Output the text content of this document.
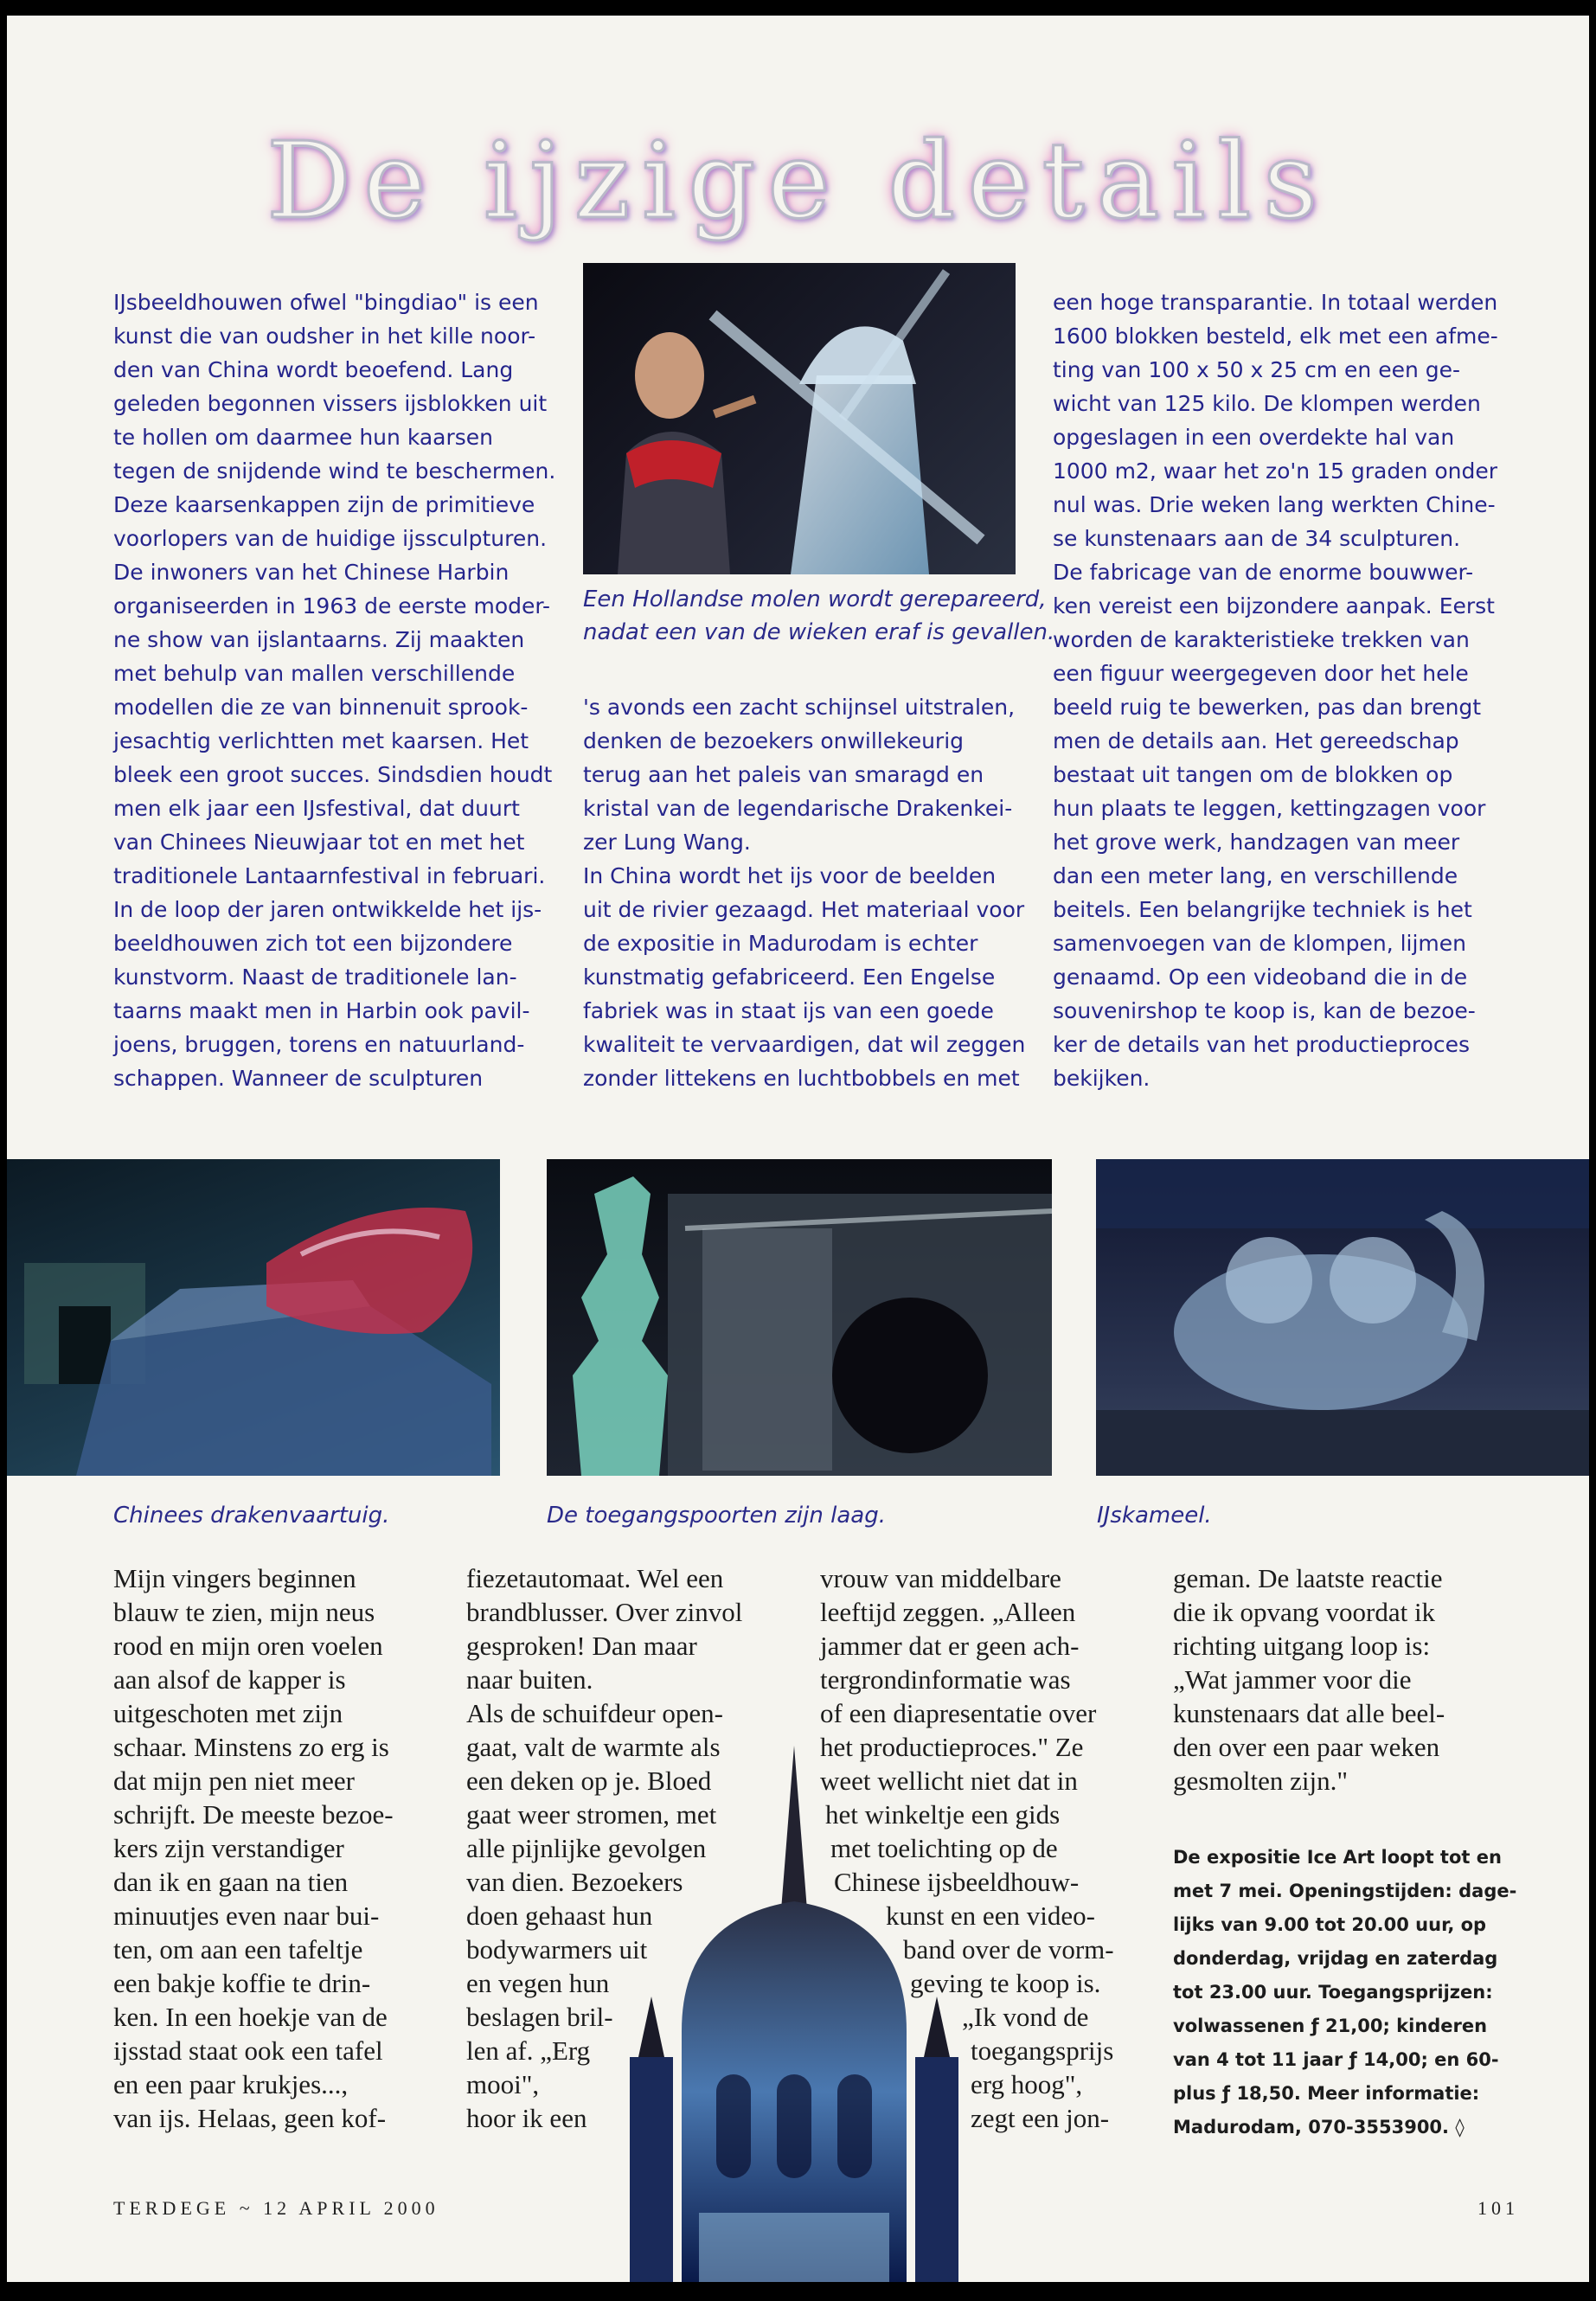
De ijzige details
Een Hollandse molen wordt gerepareerd,
nadat een van de wieken eraf is gevallen.

IJsbeeldhouwen ofwel "bingdiao" is een

kunst die van oudsher in het kille noor-

den van China wordt beoefend. Lang

geleden begonnen vissers ijsblokken uit

te hollen om daarmee hun kaarsen

tegen de snijdende wind te beschermen.

Deze kaarsenkappen zijn de primitieve

voorlopers van de huidige ijssculpturen.

De inwoners van het Chinese Harbin

organiseerden in 1963 de eerste moder-

ne show van ijslantaarns. Zij maakten

met behulp van mallen verschillende

modellen die ze van binnenuit sprook-

jesachtig verlichtten met kaarsen. Het

bleek een groot succes. Sindsdien houdt

men elk jaar een IJsfestival, dat duurt

van Chinees Nieuwjaar tot en met het

traditionele Lantaarnfestival in februari.

In de loop der jaren ontwikkelde het ijs-

beeldhouwen zich tot een bijzondere

kunstvorm. Naast de traditionele lan-

taarns maakt men in Harbin ook pavil-

joens, bruggen, torens en natuurland-

schappen. Wanneer de sculpturen

's avonds een zacht schijnsel uitstralen,

denken de bezoekers onwillekeurig

terug aan het paleis van smaragd en

kristal van de legendarische Drakenkei-

zer Lung Wang.

In China wordt het ijs voor de beelden

uit de rivier gezaagd. Het materiaal voor

de expositie in Madurodam is echter

kunstmatig gefabriceerd. Een Engelse

fabriek was in staat ijs van een goede

kwaliteit te vervaardigen, dat wil zeggen

zonder littekens en luchtbobbels en met

een hoge transparantie. In totaal werden

1600 blokken besteld, elk met een afme-

ting van 100 x 50 x 25 cm en een ge-

wicht van 125 kilo. De klompen werden

opgeslagen in een overdekte hal van

1000 m2, waar het zo'n 15 graden onder

nul was. Drie weken lang werkten Chine-

se kunstenaars aan de 34 sculpturen.

De fabricage van de enorme bouwwer-

ken vereist een bijzondere aanpak. Eerst

worden de karakteristieke trekken van

een figuur weergegeven door het hele

beeld ruig te bewerken, pas dan brengt

men de details aan. Het gereedschap

bestaat uit tangen om de blokken op

hun plaats te leggen, kettingzagen voor

het grove werk, handzagen van meer

dan een meter lang, en verschillende

beitels. Een belangrijke techniek is het

samenvoegen van de klompen, lijmen

genaamd. Op een videoband die in de

souvenirshop te koop is, kan de bezoe-

ker de details van het productieproces

bekijken.

Chinees drakenvaartuig.	De toegangspoorten zijn laag.	IJskameel.

Mijn vingers beginnen

blauw te zien, mijn neus

rood en mijn oren voelen

aan alsof de kapper is

uitgeschoten met zijn

schaar. Minstens zo erg is

dat mijn pen niet meer

schrijft. De meeste bezoe-

kers zijn verstandiger

dan ik en gaan na tien

minuutjes even naar bui-

ten, om aan een tafeltje

een bakje koffie te drin-

ken. In een hoekje van de

ijsstad staat ook een tafel

en een paar krukjes...,

van ijs. Helaas, geen kof-

fiezetautomaat. Wel een

brandblusser. Over zinvol

gesproken! Dan maar

naar buiten.

Als de schuifdeur open-

gaat, valt de warmte als

een deken op je. Bloed

gaat weer stromen, met

alle pijnlijke gevolgen

van dien. Bezoekers

doen gehaast hun

bodywarmers uit

en vegen hun

beslagen bril-

len af. „Erg

mooi",

hoor ik een

vrouw van middelbare

leeftijd zeggen. „Alleen

jammer dat er geen ach-

tergrondinformatie was

of een diapresentatie over

het productieproces." Ze

weet wellicht niet dat in

het winkeltje een gids

met toelichting op de

Chinese ijsbeeldhouw-

kunst en een video-

band over de vorm-

geving te koop is.

„Ik vond de

toegangsprijs

erg hoog",

zegt een jon-

geman. De laatste reactie

die ik opvang voordat ik

richting uitgang loop is:

„Wat jammer voor die

kunstenaars dat alle beel-

den over een paar weken

gesmolten zijn."

De expositie Ice Art loopt tot en
met 7 mei. Openingstijden: dage-
lijks van 9.00 tot 20.00 uur, op
donderdag, vrijdag en zaterdag
tot 23.00 uur. Toegangsprijzen:
volwassenen ƒ 21,00; kinderen
van 4 tot 11 jaar ƒ 14,00; en 60-
plus ƒ 18,50. Meer informatie:
Madurodam, 070-3553900. ◊
TERDEGE ~ 12 APRIL 2000	101
